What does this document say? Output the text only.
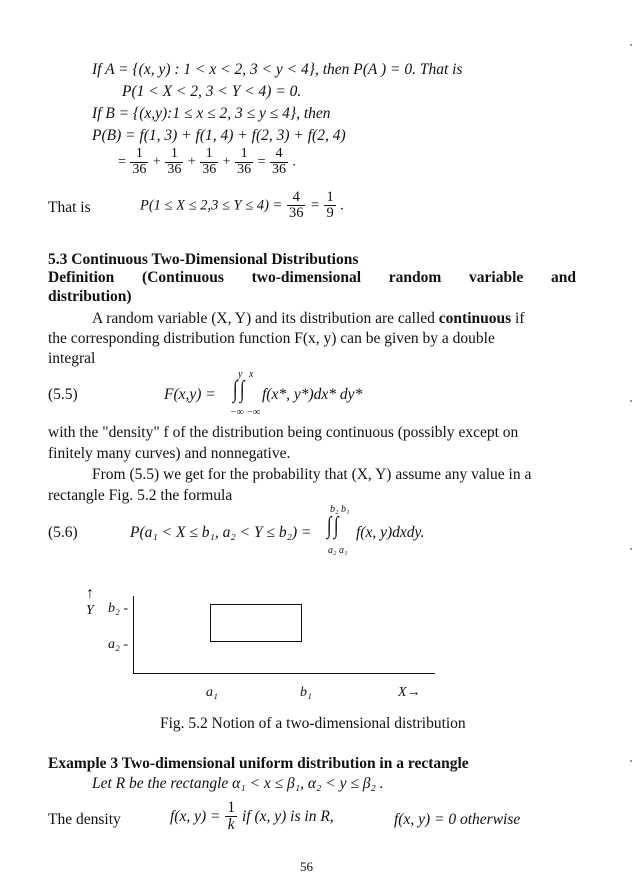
If A = {(x, y) : 1 < x < 2, 3 < y < 4}, then P(A ) = 0. That is
P(1 < X < 2, 3 < Y < 4) = 0.
If B = {(x,y):1 ≤ x ≤ 2, 3 ≤ y ≤ 4}, then
P(B) = f(1, 3) + f(1, 4) + f(2, 3) + f(2, 4)
= $\frac{1}{36} + \frac{1}{36} + \frac{1}{36} + \frac{1}{36} = \frac{4}{36}$ .
That is	$P(1 \le X \le 2,3 \le Y \le 4) = \frac{4}{36} = \frac{1}{9}$ .
5.3 Continuous Two-Dimensional Distributions
Definition (Continuous two-dimensional random variable and
distribution)
A random variable (X, Y) and its distribution are called continuous if
the corresponding distribution function F(x, y) can be given by a double
integral
(5.5)	F(x,y) =
y x
∫∫ f(x*, y*)dx* dy*
−∞ −∞
with the "density" f of the distribution being continuous (possibly except on
finitely many curves) and nonnegative.
From (5.5) we get for the probability that (X, Y) assume any value in a
rectangle Fig. 5.2 the formula
(5.6)	P(a₁ < X ≤ b₁, a₂ < Y ≤ b₂) =
b₂ b₁
∫∫ f(x, y)dxdy.
a₂ a₁
↑
Y b₂ -
a₂ -
a₁	b₁	X→
Fig. 5.2 Notion of a two-dimensional distribution
Example 3 Two-dimensional uniform distribution in a rectangle
Let R be the rectangle α₁ < x ≤ β₁, α₂ < y ≤ β₂ .
The density	f(x, $y) = \frac{1}{k}$ if (x, y) is in R,	f(x, y) = 0 otherwise
56
